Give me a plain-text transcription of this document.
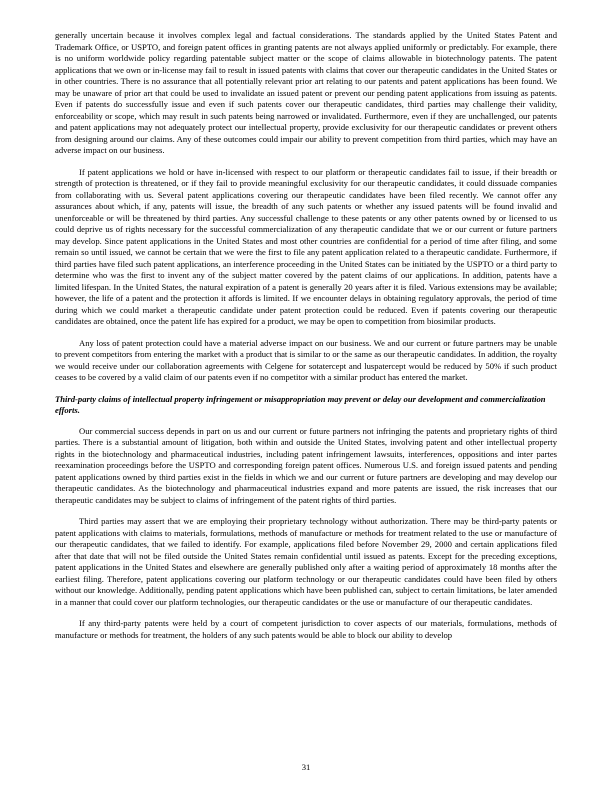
generally uncertain because it involves complex legal and factual considerations. The standards applied by the United States Patent and Trademark Office, or USPTO, and foreign patent offices in granting patents are not always applied uniformly or predictably. For example, there is no uniform worldwide policy regarding patentable subject matter or the scope of claims allowable in biotechnology patents. The patent applications that we own or in-license may fail to result in issued patents with claims that cover our therapeutic candidates in the United States or in other countries. There is no assurance that all potentially relevant prior art relating to our patents and patent applications has been found. We may be unaware of prior art that could be used to invalidate an issued patent or prevent our pending patent applications from issuing as patents. Even if patents do successfully issue and even if such patents cover our therapeutic candidates, third parties may challenge their validity, enforceability or scope, which may result in such patents being narrowed or invalidated. Furthermore, even if they are unchallenged, our patents and patent applications may not adequately protect our intellectual property, provide exclusivity for our therapeutic candidates or prevent others from designing around our claims. Any of these outcomes could impair our ability to prevent competition from third parties, which may have an adverse impact on our business.

If patent applications we hold or have in-licensed with respect to our platform or therapeutic candidates fail to issue, if their breadth or strength of protection is threatened, or if they fail to provide meaningful exclusivity for our therapeutic candidates, it could dissuade companies from collaborating with us. Several patent applications covering our therapeutic candidates have been filed recently. We cannot offer any assurances about which, if any, patents will issue, the breadth of any such patents or whether any issued patents will be found invalid and unenforceable or will be threatened by third parties. Any successful challenge to these patents or any other patents owned by or licensed to us could deprive us of rights necessary for the successful commercialization of any therapeutic candidate that we or our current or future partners may develop. Since patent applications in the United States and most other countries are confidential for a period of time after filing, and some remain so until issued, we cannot be certain that we were the first to file any patent application related to a therapeutic candidate. Furthermore, if third parties have filed such patent applications, an interference proceeding in the United States can be initiated by the USPTO or a third party to determine who was the first to invent any of the subject matter covered by the patent claims of our applications. In addition, patents have a limited lifespan. In the United States, the natural expiration of a patent is generally 20 years after it is filed. Various extensions may be available; however, the life of a patent and the protection it affords is limited. If we encounter delays in obtaining regulatory approvals, the period of time during which we could market a therapeutic candidate under patent protection could be reduced. Even if patents covering our therapeutic candidates are obtained, once the patent life has expired for a product, we may be open to competition from biosimilar products.

Any loss of patent protection could have a material adverse impact on our business. We and our current or future partners may be unable to prevent competitors from entering the market with a product that is similar to or the same as our therapeutic candidates. In addition, the royalty we would receive under our collaboration agreements with Celgene for sotatercept and luspatercept would be reduced by 50% if such product ceases to be covered by a valid claim of our patents even if no competitor with a similar product has entered the market.

Third-party claims of intellectual property infringement or misappropriation may prevent or delay our development and commercialization efforts.

Our commercial success depends in part on us and our current or future partners not infringing the patents and proprietary rights of third parties. There is a substantial amount of litigation, both within and outside the United States, involving patent and other intellectual property rights in the biotechnology and pharmaceutical industries, including patent infringement lawsuits, interferences, oppositions and inter partes reexamination proceedings before the USPTO and corresponding foreign patent offices. Numerous U.S. and foreign issued patents and pending patent applications owned by third parties exist in the fields in which we and our current or future partners are developing and may develop our therapeutic candidates. As the biotechnology and pharmaceutical industries expand and more patents are issued, the risk increases that our therapeutic candidates may be subject to claims of infringement of the patent rights of third parties.

Third parties may assert that we are employing their proprietary technology without authorization. There may be third-party patents or patent applications with claims to materials, formulations, methods of manufacture or methods for treatment related to the use or manufacture of our therapeutic candidates, that we failed to identify. For example, applications filed before November 29, 2000 and certain applications filed after that date that will not be filed outside the United States remain confidential until issued as patents. Except for the preceding exceptions, patent applications in the United States and elsewhere are generally published only after a waiting period of approximately 18 months after the earliest filing. Therefore, patent applications covering our platform technology or our therapeutic candidates could have been filed by others without our knowledge. Additionally, pending patent applications which have been published can, subject to certain limitations, be later amended in a manner that could cover our platform technologies, our therapeutic candidates or the use or manufacture of our therapeutic candidates.

If any third-party patents were held by a court of competent jurisdiction to cover aspects of our materials, formulations, methods of manufacture or methods for treatment, the holders of any such patents would be able to block our ability to develop

31
